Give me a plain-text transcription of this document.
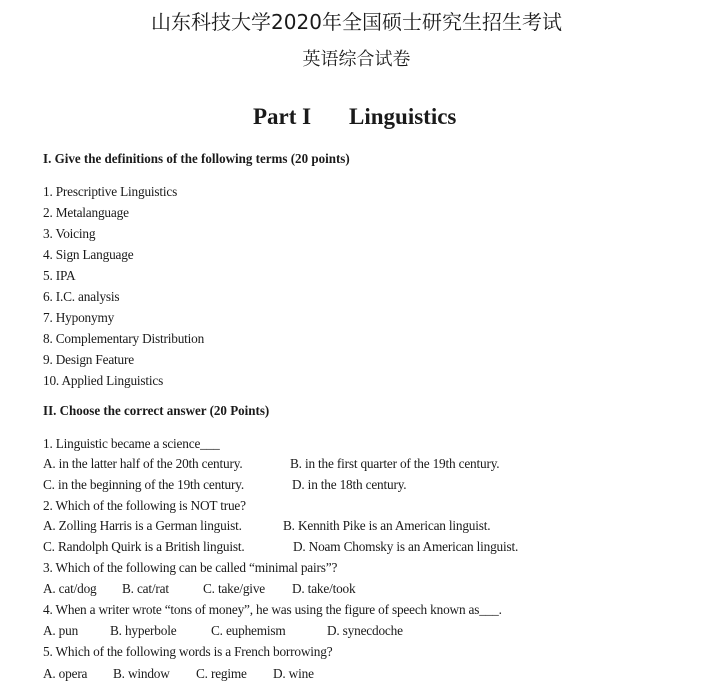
山东科技大学2020年全国硕士研究生招生考试
英语综合试卷
Part I Linguistics
I. Give the definitions of the following terms (20 points)
1. Prescriptive Linguistics
2. Metalanguage
3. Voicing
4. Sign Language
5. IPA
6. I.C. analysis
7. Hyponymy
8. Complementary Distribution
9. Design Feature
10. Applied Linguistics
II. Choose the correct answer (20 Points)
1. Linguistic became a science___
A. in the latter half of the 20th century.	B. in the first quarter of the 19th century.
C. in the beginning of the 19th century.	D. in the 18th century.
2. Which of the following is NOT true?
A. Zolling Harris is a German linguist.	B. Kennith Pike is an American linguist.
C. Randolph Quirk is a British linguist.	D. Noam Chomsky is an American linguist.
3. Which of the following can be called “minimal pairs”?
A. cat/dog B. cat/rat C. take/give D. take/took
4. When a writer wrote “tons of money”, he was using the figure of speech known as___.
A. pun B. hyperbole C. euphemism	D. synecdoche
5. Which of the following words is a French borrowing?
A. opera B. window C. regime D. wine
